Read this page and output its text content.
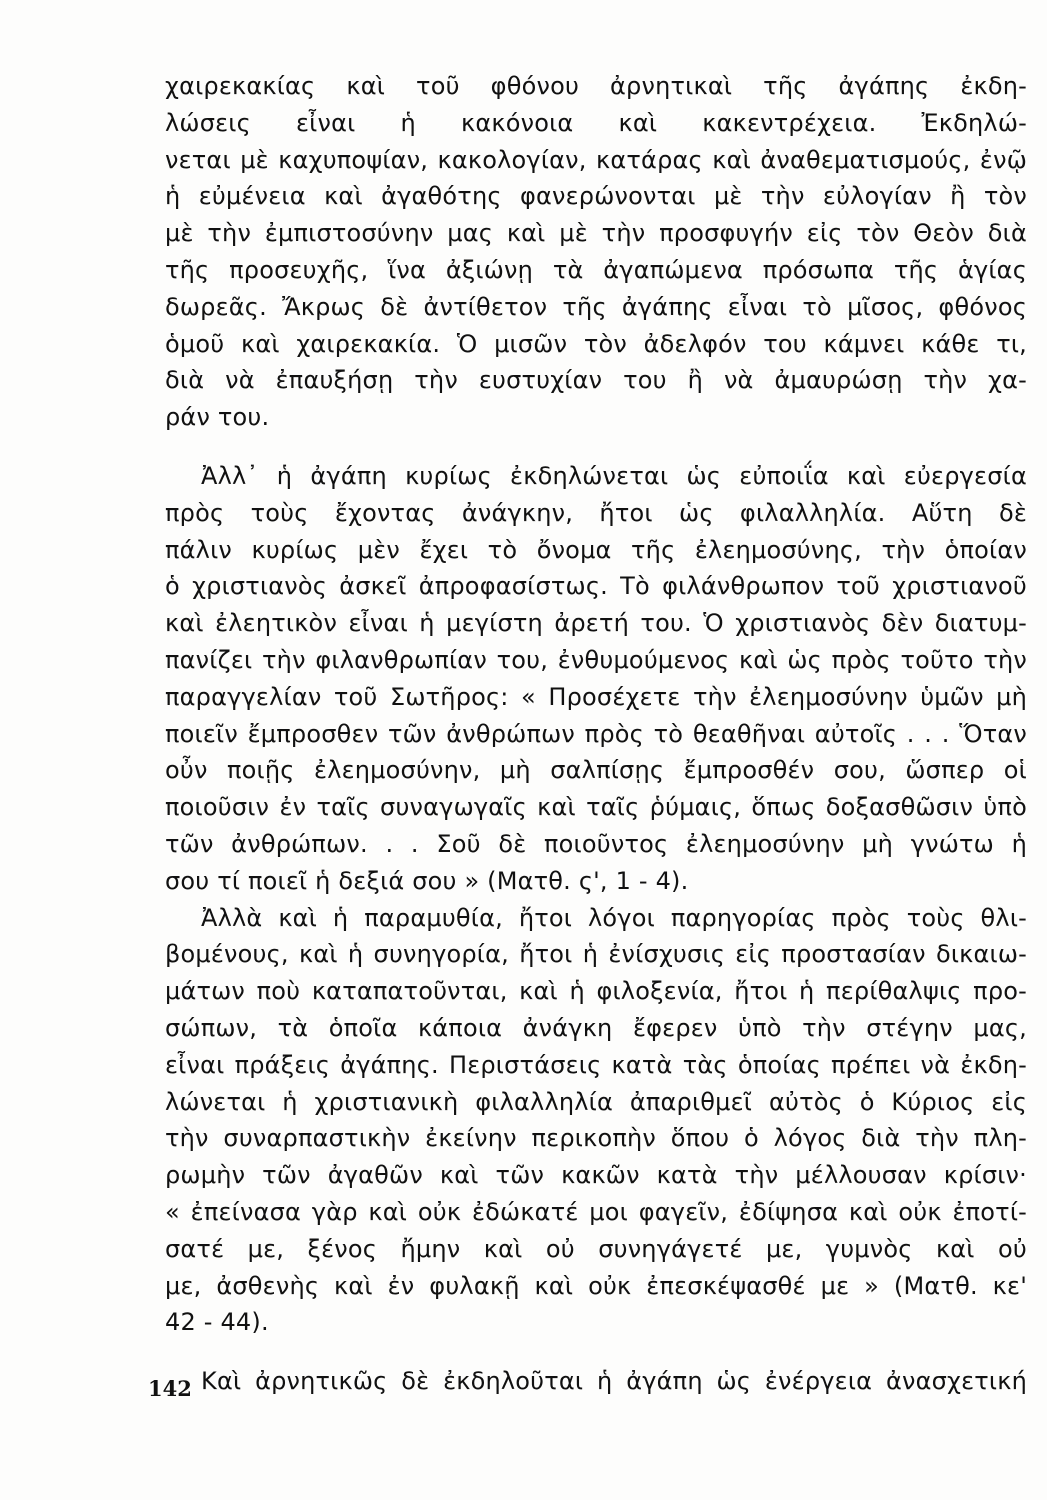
χαιρεκακίας καὶ τοῦ φθόνου ἀρνητικαὶ τῆς ἀγάπης ἐκδη-
λώσεις εἶναι ἡ κακόνοια καὶ κακεντρέχεια. Ἐκδηλώ-
νεται μὲ καχυποψίαν, κακολογίαν, κατάρας καὶ ἀναθεματισμούς, ἐνῷ
ἡ εὐμένεια καὶ ἀγαθότης φανερώνονται μὲ τὴν εὐλογίαν ἢ τὸν
μὲ τὴν ἐμπιστοσύνην μας καὶ μὲ τὴν προσφυγήν εἰς τὸν Θεὸν διὰ
τῆς προσευχῆς, ἵνα ἀξιώνῃ τὰ ἀγαπώμενα πρόσωπα τῆς ἁγίας
δωρεᾶς. Ἄκρως δὲ ἀντίθετον τῆς ἀγάπης εἶναι τὸ μῖσος, φθόνος
ὁμοῦ καὶ χαιρεκακία. Ὁ μισῶν τὸν ἀδελφόν του κάμνει κάθε τι,
διὰ νὰ ἐπαυξήσῃ τὴν ευστυχίαν του ἢ νὰ ἀμαυρώσῃ τὴν χα-
ράν του.
Ἀλλ᾽ ἡ ἀγάπη κυρίως ἐκδηλώνεται ὡς εὐποιΐα καὶ εὐεργεσία
πρὸς τοὺς ἔχοντας ἀνάγκην, ἤτοι ὡς φιλαλληλία. Αὕτη δὲ
πάλιν κυρίως μὲν ἔχει τὸ ὄνομα τῆς ἐλεημοσύνης, τὴν ὁποίαν
ὁ χριστιανὸς ἀσκεῖ ἀπροφασίστως. Τὸ φιλάνθρωπον τοῦ χριστιανοῦ
καὶ ἐλεητικὸν εἶναι ἡ μεγίστη ἀρετή του. Ὁ χριστιανὸς δὲν διατυμ-
πανίζει τὴν φιλανθρωπίαν του, ἐνθυμούμενος καὶ ὡς πρὸς τοῦτο τὴν
παραγγελίαν τοῦ Σωτῆρος: « Προσέχετε τὴν ἐλεημοσύνην ὑμῶν μὴ
ποιεῖν ἔμπροσθεν τῶν ἀνθρώπων πρὸς τὸ θεαθῆναι αὐτοῖς . . . Ὅταν
οὖν ποιῇς ἐλεημοσύνην, μὴ σαλπίσῃς ἔμπροσθέν σου, ὥσπερ οἱ
ποιοῦσιν ἐν ταῖς συναγωγαῖς καὶ ταῖς ῥύμαις, ὅπως δοξασθῶσιν ὑπὸ
τῶν ἀνθρώπων. . . Σοῦ δὲ ποιοῦντος ἐλεημοσύνην μὴ γνώτω ἡ
σου τί ποιεῖ ἡ δεξιά σου » (Ματθ. ς', 1 - 4).
Ἀλλὰ καὶ ἡ παραμυθία, ἤτοι λόγοι παρηγορίας πρὸς τοὺς θλι-
βομένους, καὶ ἡ συνηγορία, ἤτοι ἡ ἐνίσχυσις εἰς προστασίαν δικαιω-
μάτων ποὺ καταπατοῦνται, καὶ ἡ φιλοξενία, ἤτοι ἡ περίθαλψις προ-
σώπων, τὰ ὁποῖα κάποια ἀνάγκη ἔφερεν ὑπὸ τὴν στέγην μας,
εἶναι πράξεις ἀγάπης. Περιστάσεις κατὰ τὰς ὁποίας πρέπει νὰ ἐκδη-
λώνεται ἡ χριστιανικὴ φιλαλληλία ἀπαριθμεῖ αὐτὸς ὁ Κύριος εἰς
τὴν συναρπαστικὴν ἐκείνην περικοπὴν ὅπου ὁ λόγος διὰ τὴν πλη-
ρωμὴν τῶν ἀγαθῶν καὶ τῶν κακῶν κατὰ τὴν μέλλουσαν κρίσιν·
« ἐπείνασα γὰρ καὶ οὐκ ἐδώκατέ μοι φαγεῖν, ἐδίψησα καὶ οὐκ ἐποτί-
σατέ με, ξένος ἤμην καὶ οὐ συνηγάγετέ με, γυμνὸς καὶ οὐ
με, ἀσθενὴς καὶ ἐν φυλακῇ καὶ οὐκ ἐπεσκέψασθέ με » (Ματθ. κε'
42 - 44).
Καὶ ἀρνητικῶς δὲ ἐκδηλοῦται ἡ ἀγάπη ὡς ἐνέργεια ἀνασχετική
142
